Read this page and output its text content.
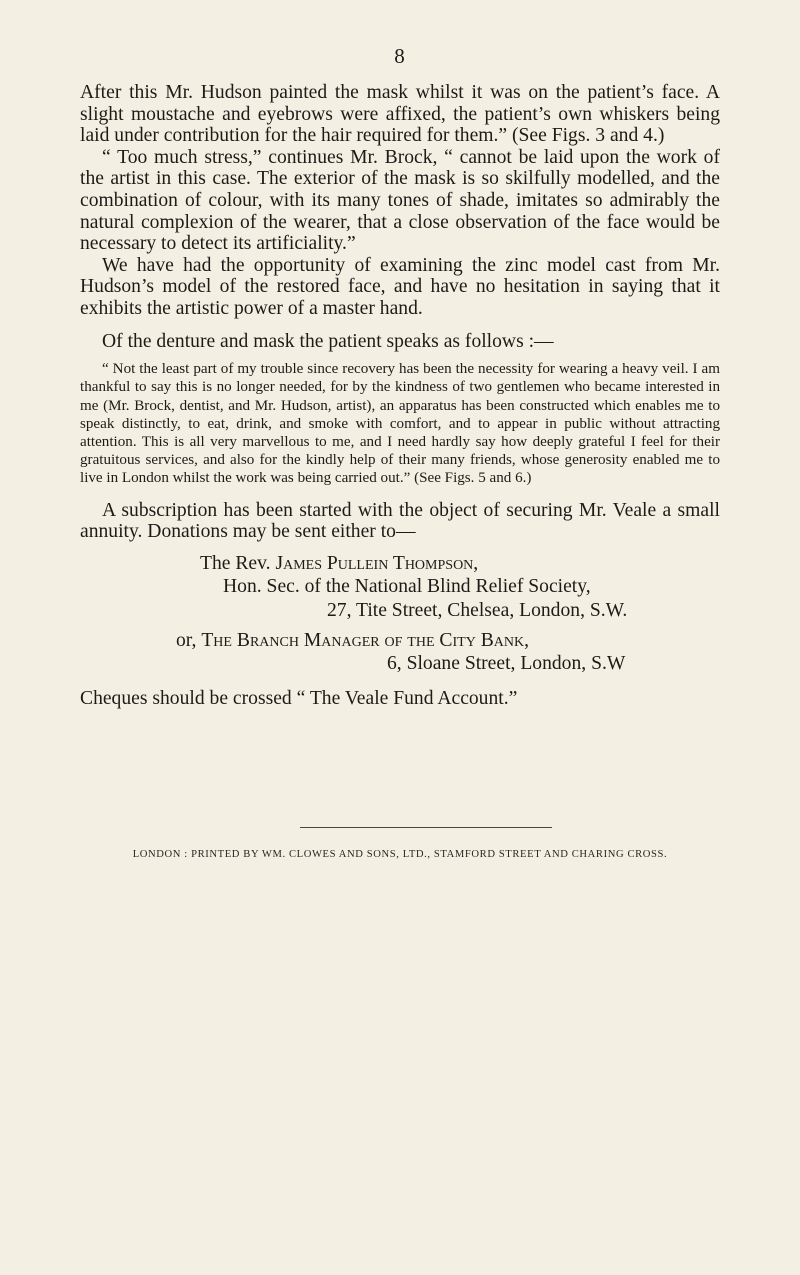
8

After this Mr. Hudson painted the mask whilst it was on the patient’s face. A slight moustache and eyebrows were affixed, the patient’s own whiskers being laid under contribution for the hair required for them.” (See Figs. 3 and 4.)

“ Too much stress,” continues Mr. Brock, “ cannot be laid upon the work of the artist in this case. The exterior of the mask is so skilfully modelled, and the combination of colour, with its many tones of shade, imitates so admirably the natural complexion of the wearer, that a close observation of the face would be necessary to detect its artificiality.”

We have had the opportunity of examining the zinc model cast from Mr. Hudson’s model of the restored face, and have no hesitation in saying that it exhibits the artistic power of a master hand.

Of the denture and mask the patient speaks as follows :—

“ Not the least part of my trouble since recovery has been the necessity for wearing a heavy veil. I am thankful to say this is no longer needed, for by the kindness of two gentlemen who became interested in me (Mr. Brock, dentist, and Mr. Hudson, artist), an apparatus has been constructed which enables me to speak distinctly, to eat, drink, and smoke with comfort, and to appear in public without attracting attention. This is all very marvellous to me, and I need hardly say how deeply grateful I feel for their gratuitous services, and also for the kindly help of their many friends, whose generosity enabled me to live in London whilst the work was being carried out.” (See Figs. 5 and 6.)

A subscription has been started with the object of securing Mr. Veale a small annuity. Donations may be sent either to—

The Rev. James Pullein Thompson,
Hon. Sec. of the National Blind Relief Society,
27, Tite Street, Chelsea, London, S.W.
or, The Branch Manager of the City Bank,
6, Sloane Street, London, S.W

Cheques should be crossed “ The Veale Fund Account.”

LONDON : PRINTED BY WM. CLOWES AND SONS, LTD., STAMFORD STREET AND CHARING CROSS.
